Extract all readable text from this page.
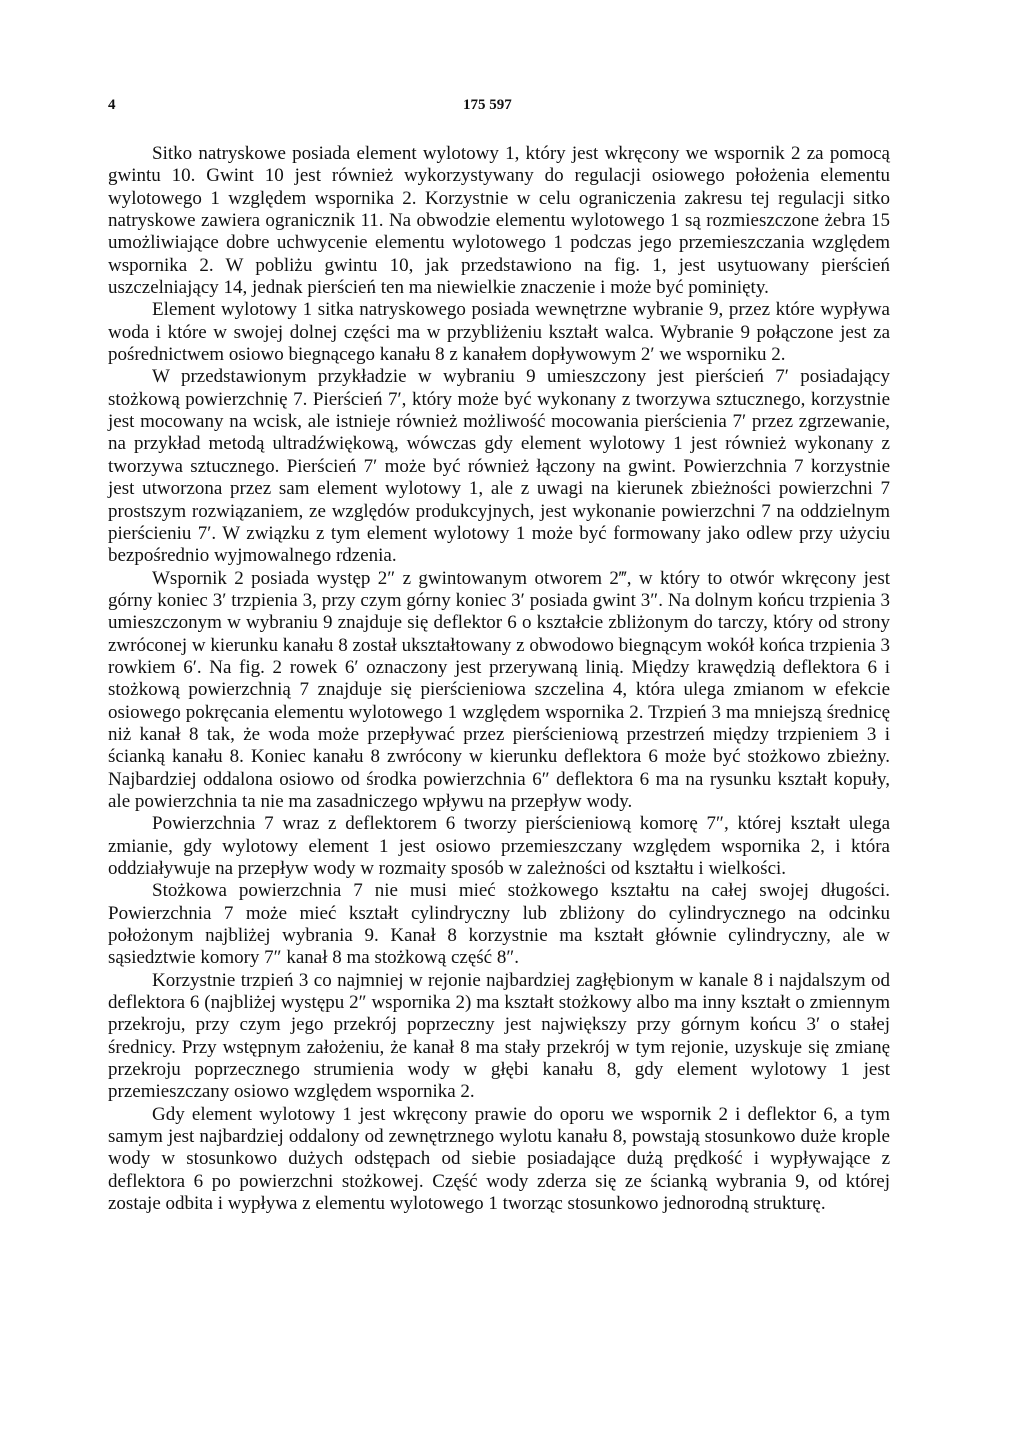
4	175 597

Sitko natryskowe posiada element wylotowy 1, który jest wkręcony we wspornik 2 za pomocą gwintu 10. Gwint 10 jest również wykorzystywany do regulacji osiowego położenia elementu wylotowego 1 względem wspornika 2. Korzystnie w celu ograniczenia zakresu tej regulacji sitko natryskowe zawiera ogranicznik 11. Na obwodzie elementu wylotowego 1 są rozmieszczone żebra 15 umożliwiające dobre uchwycenie elementu wylotowego 1 podczas jego przemieszczania względem wspornika 2. W pobliżu gwintu 10, jak przedstawiono na fig. 1, jest usytuowany pierścień uszczelniający 14, jednak pierścień ten ma niewielkie znaczenie i może być pominięty.

Element wylotowy 1 sitka natryskowego posiada wewnętrzne wybranie 9, przez które wypływa woda i które w swojej dolnej części ma w przybliżeniu kształt walca. Wybranie 9 połączone jest za pośrednictwem osiowo biegnącego kanału 8 z kanałem dopływowym 2′ we wsporniku 2.

W przedstawionym przykładzie w wybraniu 9 umieszczony jest pierścień 7′ posiadający stożkową powierzchnię 7. Pierścień 7′, który może być wykonany z tworzywa sztucznego, korzystnie jest mocowany na wcisk, ale istnieje również możliwość mocowania pierścienia 7′ przez zgrzewanie, na przykład metodą ultradźwiękową, wówczas gdy element wylotowy 1 jest również wykonany z tworzywa sztucznego. Pierścień 7′ może być również łączony na gwint. Powierzchnia 7 korzystnie jest utworzona przez sam element wylotowy 1, ale z uwagi na kierunek zbieżności powierzchni 7 prostszym rozwiązaniem, ze względów produkcyjnych, jest wykonanie powierzchni 7 na oddzielnym pierścieniu 7′. W związku z tym element wylotowy 1 może być formowany jako odlew przy użyciu bezpośrednio wyjmowalnego rdzenia.

Wspornik 2 posiada występ 2″ z gwintowanym otworem 2‴, w który to otwór wkręcony jest górny koniec 3′ trzpienia 3, przy czym górny koniec 3′ posiada gwint 3″. Na dolnym końcu trzpienia 3 umieszczonym w wybraniu 9 znajduje się deflektor 6 o kształcie zbliżonym do tarczy, który od strony zwróconej w kierunku kanału 8 został ukształtowany z obwodowo biegnącym wokół końca trzpienia 3 rowkiem 6′. Na fig. 2 rowek 6′ oznaczony jest przerywaną linią. Między krawędzią deflektora 6 i stożkową powierzchnią 7 znajduje się pierścieniowa szczelina 4, która ulega zmianom w efekcie osiowego pokręcania elementu wylotowego 1 względem wspornika 2. Trzpień 3 ma mniejszą średnicę niż kanał 8 tak, że woda może przepływać przez pierścieniową przestrzeń między trzpieniem 3 i ścianką kanału 8. Koniec kanału 8 zwrócony w kierunku deflektora 6 może być stożkowo zbieżny. Najbardziej oddalona osiowo od środka powierzchnia 6″ deflektora 6 ma na rysunku kształt kopuły, ale powierzchnia ta nie ma zasadniczego wpływu na przepływ wody.

Powierzchnia 7 wraz z deflektorem 6 tworzy pierścieniową komorę 7″, której kształt ulega zmianie, gdy wylotowy element 1 jest osiowo przemieszczany względem wspornika 2, i która oddziaływuje na przepływ wody w rozmaity sposób w zależności od kształtu i wielkości.

Stożkowa powierzchnia 7 nie musi mieć stożkowego kształtu na całej swojej długości. Powierzchnia 7 może mieć kształt cylindryczny lub zbliżony do cylindrycznego na odcinku położonym najbliżej wybrania 9. Kanał 8 korzystnie ma kształt głównie cylindryczny, ale w sąsiedztwie komory 7″ kanał 8 ma stożkową część 8″.

Korzystnie trzpień 3 co najmniej w rejonie najbardziej zagłębionym w kanale 8 i najdalszym od deflektora 6 (najbliżej występu 2″ wspornika 2) ma kształt stożkowy albo ma inny kształt o zmiennym przekroju, przy czym jego przekrój poprzeczny jest największy przy górnym końcu 3′ o stałej średnicy. Przy wstępnym założeniu, że kanał 8 ma stały przekrój w tym rejonie, uzyskuje się zmianę przekroju poprzecznego strumienia wody w głębi kanału 8, gdy element wylotowy 1 jest przemieszczany osiowo względem wspornika 2.

Gdy element wylotowy 1 jest wkręcony prawie do oporu we wspornik 2 i deflektor 6, a tym samym jest najbardziej oddalony od zewnętrznego wylotu kanału 8, powstają stosunkowo duże krople wody w stosunkowo dużych odstępach od siebie posiadające dużą prędkość i wypływające z deflektora 6 po powierzchni stożkowej. Część wody zderza się ze ścianką wybrania 9, od której zostaje odbita i wypływa z elementu wylotowego 1 tworząc stosunkowo jednorodną strukturę.
